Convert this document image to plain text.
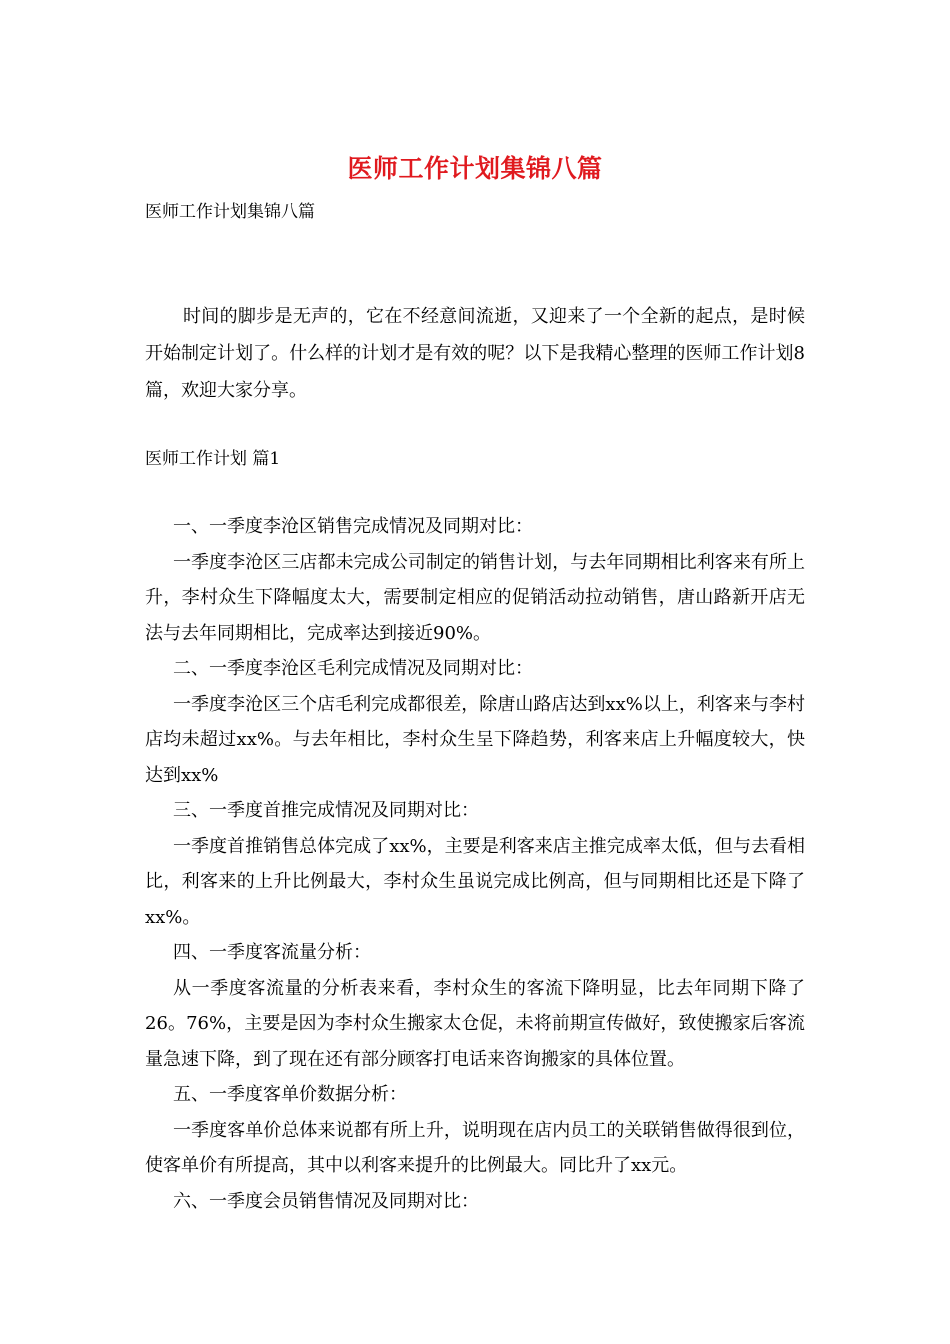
医师工作计划集锦八篇
医师工作计划集锦八篇

时间的脚步是无声的，它在不经意间流逝，又迎来了一个全新的起点，是时候开始制定计划了。什么样的计划才是有效的呢？以下是我精心整理的医师工作计划8篇，欢迎大家分享。

医师工作计划 篇1

一、一季度李沧区销售完成情况及同期对比：

一季度李沧区三店都未完成公司制定的销售计划，与去年同期相比利客来有所上升，李村众生下降幅度太大，需要制定相应的促销活动拉动销售，唐山路新开店无法与去年同期相比，完成率达到接近90%。

二、一季度李沧区毛利完成情况及同期对比：

一季度李沧区三个店毛利完成都很差，除唐山路店达到xx%以上，利客来与李村店均未超过xx%。与去年相比，李村众生呈下降趋势，利客来店上升幅度较大，快达到xx%

三、一季度首推完成情况及同期对比：

一季度首推销售总体完成了xx%，主要是利客来店主推完成率太低，但与去看相比，利客来的上升比例最大，李村众生虽说完成比例高，但与同期相比还是下降了xx%。

四、一季度客流量分析：

从一季度客流量的分析表来看，李村众生的客流下降明显，比去年同期下降了26。76%，主要是因为李村众生搬家太仓促，未将前期宣传做好，致使搬家后客流量急速下降，到了现在还有部分顾客打电话来咨询搬家的具体位置。

五、一季度客单价数据分析：

一季度客单价总体来说都有所上升，说明现在店内员工的关联销售做得很到位，使客单价有所提高，其中以利客来提升的比例最大。同比升了xx元。

六、一季度会员销售情况及同期对比：
